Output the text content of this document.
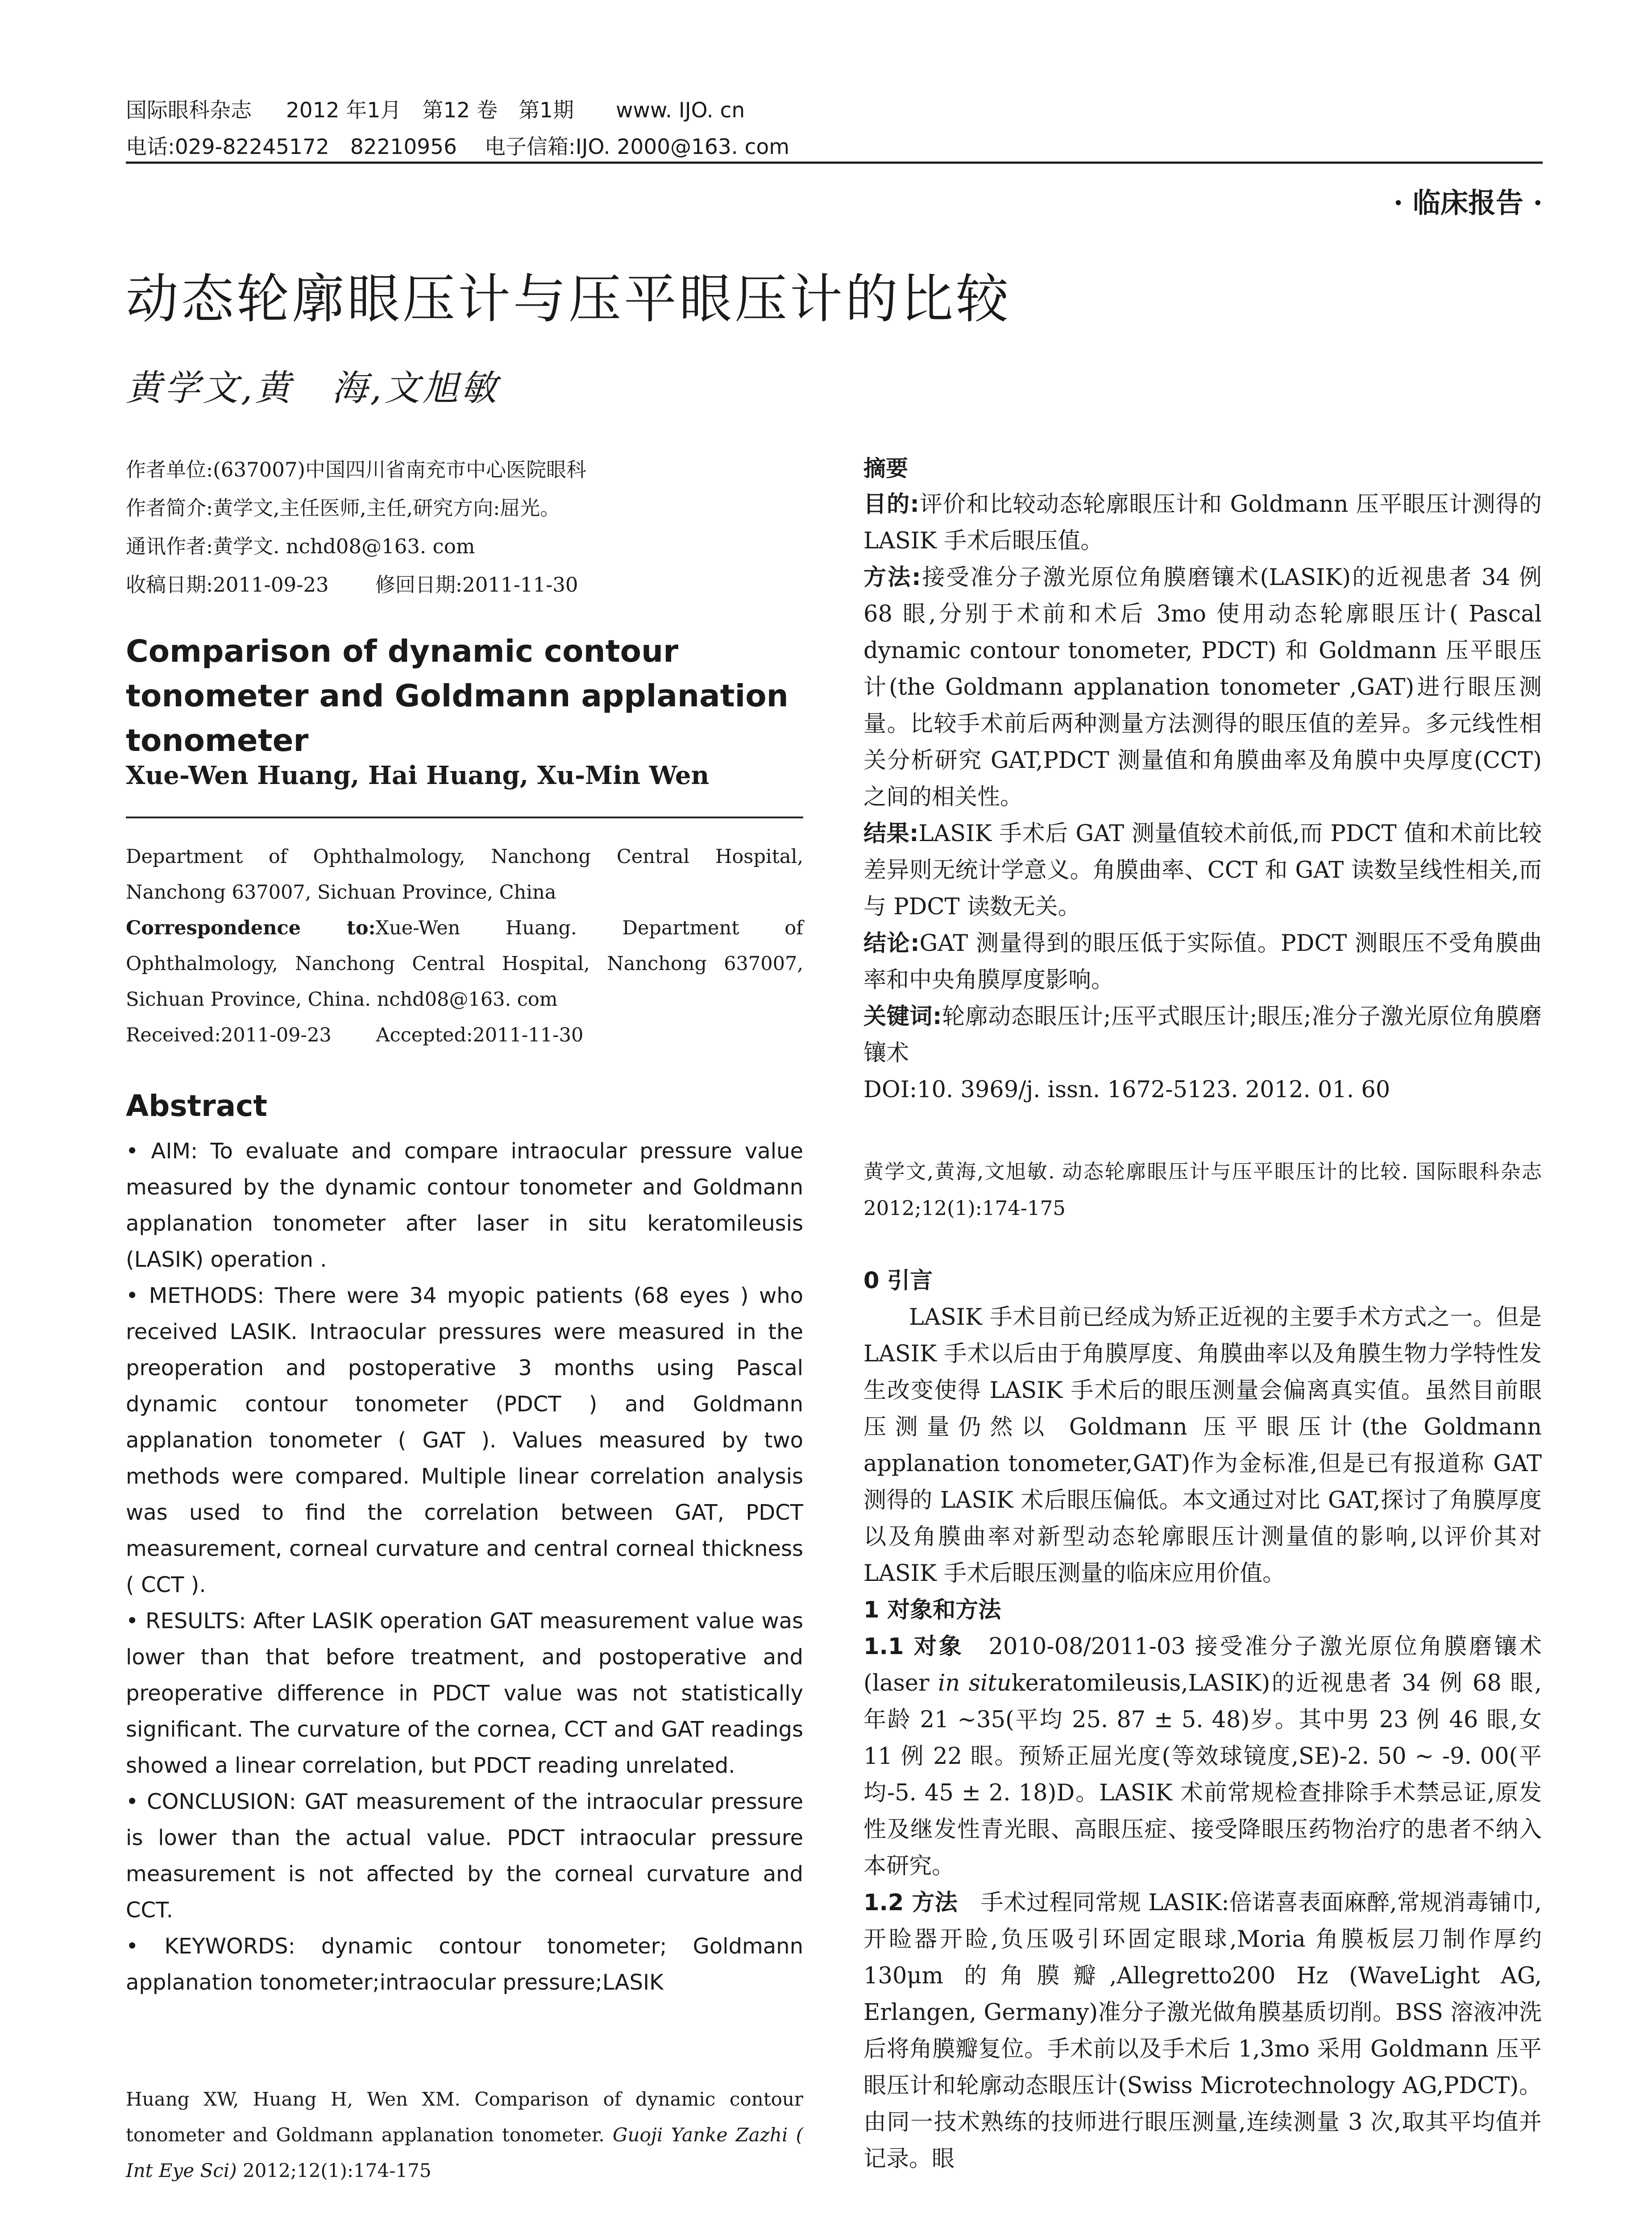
国际眼科杂志　  2012 年1月　第12 卷　第1期　　www. IJO. cn
电话:029-82245172　82210956　 电子信箱:IJO. 2000@163. com
· 临床报告 ·
动态轮廓眼压计与压平眼压计的比较
黄学文,黄　海,文旭敏
作者单位:(637007)中国四川省南充市中心医院眼科
作者简介:黄学文,主任医师,主任,研究方向:屈光。
通讯作者:黄学文. nchd08@163. com
收稿日期:2011-09-23　　 修回日期:2011-11-30
Comparison of dynamic contour tonometer and Goldmann applanation tonometer
Xue-Wen Huang, Hai Huang, Xu-Min Wen
Department of Ophthalmology, Nanchong Central Hospital, Nanchong 637007, Sichuan Province, China
Correspondence to:Xue-Wen Huang. Department of Ophthalmology, Nanchong Central Hospital, Nanchong 637007, Sichuan Province, China. nchd08@163. com
Received:2011-09-23　　 Accepted:2011-11-30
Abstract

• AIM: To evaluate and compare intraocular pressure value measured by the dynamic contour tonometer and Goldmann applanation tonometer after laser in situ keratomileusis (LASIK) operation .

• METHODS: There were 34 myopic patients (68 eyes ) who received LASIK. Intraocular pressures were measured in the preoperation and postoperative 3 months using Pascal dynamic contour tonometer (PDCT ) and Goldmann applanation tonometer ( GAT ). Values measured by two methods were compared. Multiple linear correlation analysis was used to find the correlation between GAT, PDCT measurement, corneal curvature and central corneal thickness ( CCT ).

• RESULTS: After LASIK operation GAT measurement value was lower than that before treatment, and postoperative and preoperative difference in PDCT value was not statistically significant. The curvature of the cornea, CCT and GAT readings showed a linear correlation, but PDCT reading unrelated.

• CONCLUSION: GAT measurement of the intraocular pressure is lower than the actual value. PDCT intraocular pressure measurement is not affected by the corneal curvature and CCT.

• KEYWORDS: dynamic contour tonometer; Goldmann applanation tonometer;intraocular pressure;LASIK

Huang XW, Huang H, Wen XM. Comparison of dynamic contour tonometer and Goldmann applanation tonometer. Guoji Yanke Zazhi ( Int Eye Sci) 2012;12(1):174-175
摘要

目的:评价和比较动态轮廓眼压计和 Goldmann 压平眼压计测得的 LASIK 手术后眼压值。

方法:接受准分子激光原位角膜磨镶术(LASIK)的近视患者 34 例 68 眼,分别于术前和术后 3mo 使用动态轮廓眼压计( Pascal dynamic contour tonometer, PDCT) 和 Goldmann 压平眼压计(the Goldmann applanation tonometer ,GAT)进行眼压测量。比较手术前后两种测量方法测得的眼压值的差异。多元线性相关分析研究 GAT,PDCT 测量值和角膜曲率及角膜中央厚度(CCT)之间的相关性。

结果:LASIK 手术后 GAT 测量值较术前低,而 PDCT 值和术前比较差异则无统计学意义。角膜曲率、CCT 和 GAT 读数呈线性相关,而与 PDCT 读数无关。

结论:GAT 测量得到的眼压低于实际值。PDCT 测眼压不受角膜曲率和中央角膜厚度影响。

关键词:轮廓动态眼压计;压平式眼压计;眼压;准分子激光原位角膜磨镶术

DOI:10. 3969/j. issn. 1672-5123. 2012. 01. 60

黄学文,黄海,文旭敏. 动态轮廓眼压计与压平眼压计的比较. 国际眼科杂志 2012;12(1):174-175

0 引言

LASIK 手术目前已经成为矫正近视的主要手术方式之一。但是 LASIK 手术以后由于角膜厚度、角膜曲率以及角膜生物力学特性发生改变使得 LASIK 手术后的眼压测量会偏离真实值。虽然目前眼压测量仍然以 Goldmann 压平眼压计(the Goldmann applanation tonometer,GAT)作为金标准,但是已有报道称 GAT 测得的 LASIK 术后眼压偏低。本文通过对比 GAT,探讨了角膜厚度以及角膜曲率对新型动态轮廓眼压计测量值的影响,以评价其对 LASIK 手术后眼压测量的临床应用价值。

1 对象和方法

1.1 对象　2010-08/2011-03 接受准分子激光原位角膜磨镶术(laser in situkeratomileusis,LASIK)的近视患者 34 例 68 眼,年龄 21 ~35(平均 25. 87 ± 5. 48)岁。其中男 23 例 46 眼,女 11 例 22 眼。预矫正屈光度(等效球镜度,SE)-2. 50 ~ -9. 00(平均-5. 45 ± 2. 18)D。LASIK 术前常规检查排除手术禁忌证,原发性及继发性青光眼、高眼压症、接受降眼压药物治疗的患者不纳入本研究。

1.2 方法　手术过程同常规 LASIK:倍诺喜表面麻醉,常规消毒铺巾,开睑器开睑,负压吸引环固定眼球,Moria 角膜板层刀制作厚约 130μm 的角膜瓣,Allegretto200 Hz (WaveLight AG, Erlangen, Germany)准分子激光做角膜基质切削。BSS 溶液冲洗后将角膜瓣复位。手术前以及手术后 1,3mo 采用 Goldmann 压平眼压计和轮廓动态眼压计(Swiss Microtechnology AG,PDCT)。由同一技术熟练的技师进行眼压测量,连续测量 3 次,取其平均值并记录。眼
